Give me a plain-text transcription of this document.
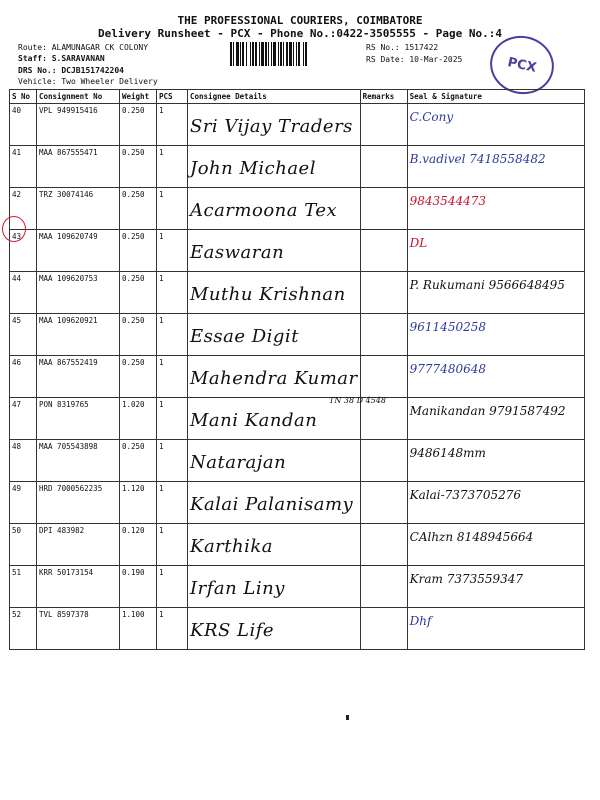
THE PROFESSIONAL COURIERS, COIMBATORE
Delivery Runsheet - PCX - Phone No.:0422-3505555 - Page No.:4
Route: ALAMUNAGAR CK COLONY
Staff: S.SARAVANAN
DRS No.: DCJB151742204
Vehicle: Two Wheeler Delivery
RS No.: 1517422
RS Date: 10-Mar-2025	PCX
S No	Consignment No	Weight	PCS	Consignee Details	Remarks	Seal & Signature
40	VPL 949915416	0.250	1	Sri Vijay Traders		C.Cony

41	MAA 867555471	0.250	1	John Michael		B.vadivel 7418558482

42	TRZ 30074146	0.250	1	Acarmoona Tex		9843544473

43	MAA 109620749	0.250	1	Easwaran		DL

44	MAA 109620753	0.250	1	Muthu Krishnan		P. Rukumani 9566648495

45	MAA 109620921	0.250	1	Essae Digit		9611450258

46	MAA 867552419	0.250	1	Mahendra Kumar		9777480648

47	PON 8319765	1.020	1	Mani Kandan		Manikandan 9791587492

48	MAA 705543898	0.250	1	Natarajan		9486148mm

49	HRD 7000562235	1.120	1	Kalai Palanisamy		Kalai-7373705276

50	DPI 483982	0.120	1	Karthika		CAlhzn 8148945664

51	KRR 50173154	0.190	1	Irfan Liny		Kram 7373559347

52	TVL 8597378	1.100	1	KRS Life		Dhf
TN 38 D 4548
